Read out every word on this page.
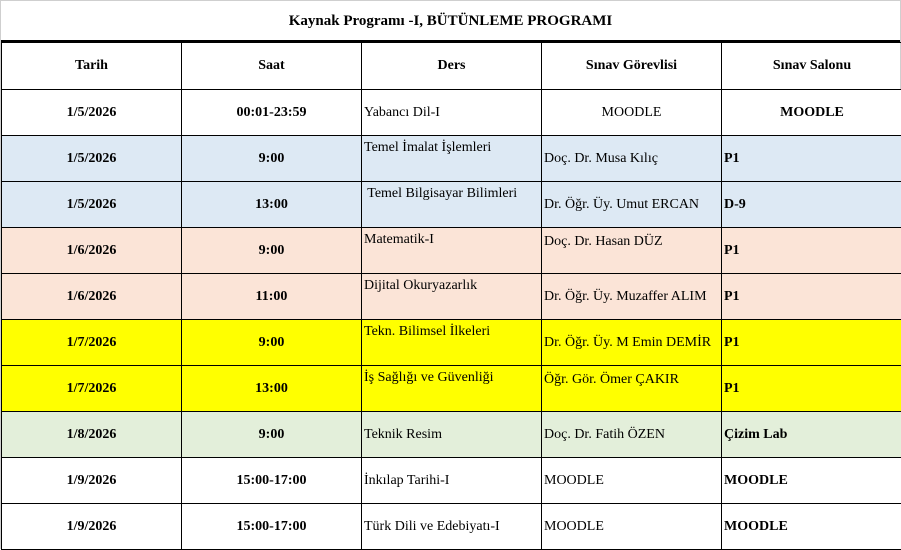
Kaynak Programı -I, BÜTÜNLEME PROGRAMI
Tarih	Saat	Ders	Sınav Görevlisi	Sınav Salonu
1/5/2026	00:01-23:59	Yabancı Dil-I	MOODLE	MOODLE
1/5/2026	9:00	Temel İmalat İşlemleri	Doç. Dr. Musa Kılıç	P1
1/5/2026	13:00	Temel Bilgisayar Bilimleri	Dr. Öğr. Üy. Umut ERCAN	D-9
1/6/2026	9:00	Matematik-I	Doç. Dr. Hasan DÜZ	P1
1/6/2026	11:00	Dijital Okuryazarlık	Dr. Öğr. Üy. Muzaffer ALIM	P1
1/7/2026	9:00	Tekn. Bilimsel İlkeleri	Dr. Öğr. Üy. M Emin DEMİR	P1
1/7/2026	13:00	İş Sağlığı ve Güvenliği	Öğr. Gör. Ömer ÇAKIR	P1
1/8/2026	9:00	Teknik Resim	Doç. Dr. Fatih ÖZEN	Çizim Lab
1/9/2026	15:00-17:00	İnkılap Tarihi-I	MOODLE	MOODLE
1/9/2026	15:00-17:00	Türk Dili ve Edebiyatı-I	MOODLE	MOODLE
